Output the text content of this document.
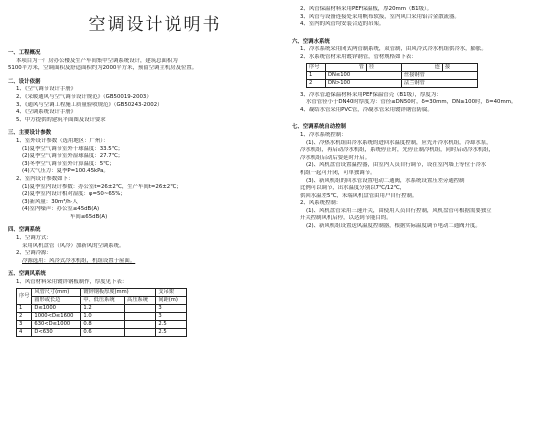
空调设计说明书
一、工程概况
本项目为一厂房办公楼及生产车间集中空调系统设计，建筑总面积为
5100平方米，空调面积及舒适面积约为2000平方米，预留空调主机房及位置。
二、设计依据
1、《空气调节设计手册》
2、《采暖通风与空气调节设计规范》（GB50019-2003）
3、《通风与空调工程施工质量验收规范》（GB50243-2002）
4、《空调系统设计手册》
5、甲方提供的建筑平面图及设计要求
三、主要设计参数
1、室外设计参数（选用地区：广州）：
(1)夏季空气调节室外干球温度：33.5℃；
(2)夏季空气调节室外湿球温度：27.7℃；
(3)冬季空气调节室外计算温度：5℃；
(4)大气压力：夏季P=100.45kPa。
2、室内设计参数如下：
(1)夏季室内设计参数：办公室t=26±2℃，生产车间t=26±2℃；
(2)夏季室内设计相对湿度：φ=50~65%；
(3)新风量：30m³/h·人
(4)室内噪声：办公室≤45dB(A)
车间≤65dB(A)
四、空调系统
1、空调方式：
采用风机盘管（风冷）加新风的空调系统。
2、空调冷源：
冷源选用：风冷式冷水机组，机组设置于屋面。
五、空调风系统
1、风管材料采用镀锌钢板制作，厚度见下表：
序号	风管尺寸(mm)	镀锌钢板厚度(mm)		支吊架
	圆形或长边	中、低压系统	高压系统	间距(m)
1	D≤1000	1.2		3
2	1000<D≤1600	1.0		3
3	630<D≤1000	0.8		2.5
4	D<630	0.6		2.5
2、风管保温材料采用PEF保温板，厚20mm（B1级）。
3、风管与设备连接处采用帆布软接，室内风口采用铝合金散流器。
4、室内的风管均安装合适的吊架。
六、空调水系统
1、冷水系统采用闭式两管制系统，双管制，由风冷式冷水机组供冷水，膨胀。
2、水系统管材采用镀锌钢管，管材规格如下表：
序号	管	径	连	接
1	DN≤100		丝接钢管	
2	DN>100		法兰钢管	
3、冷水管道保温材料采用PEF保温管壳（B1级），厚度为：
水管管径小于DN40时厚度为：管径≤DN50时，δ=30mm，DN≥100时，δ=40mm。
4、凝结水管采用PVC管，冷凝水管采用镀锌钢管防腐。
七、空调系统自动控制
1、冷水系统控制：
(1)、冷热水机组由冷水系统的进回水温度控制，应先开冷水机组，冷却水泵，
冷水机组，再启动冷水机组，系统停止时，先停止制冷机组，同时启动冷水机组，
冷水机组启动后要延时开启。
(2)、风机盘管设置温控器，由室内人员自行调节，设在室内墙上等位于冷水
机组一起可开闭，可单独调节。
(3)、新风机组的回水管设置电动二通阀，水系统设置压差旁通控制
比例可以调节，出水温度分别以7℃/12℃，
供回水温差5℃，末端风机盘管由用户自行控制。
2、风系统控制：
(1)、风机盘管采用三速开关，由使用人员自行控制，风机盘管可根据需要独立
开关控制风机启停，以达到节能目的。
(2)、新风机组设置送风温度控制器，根据实际温度调节电动二通阀开度。
